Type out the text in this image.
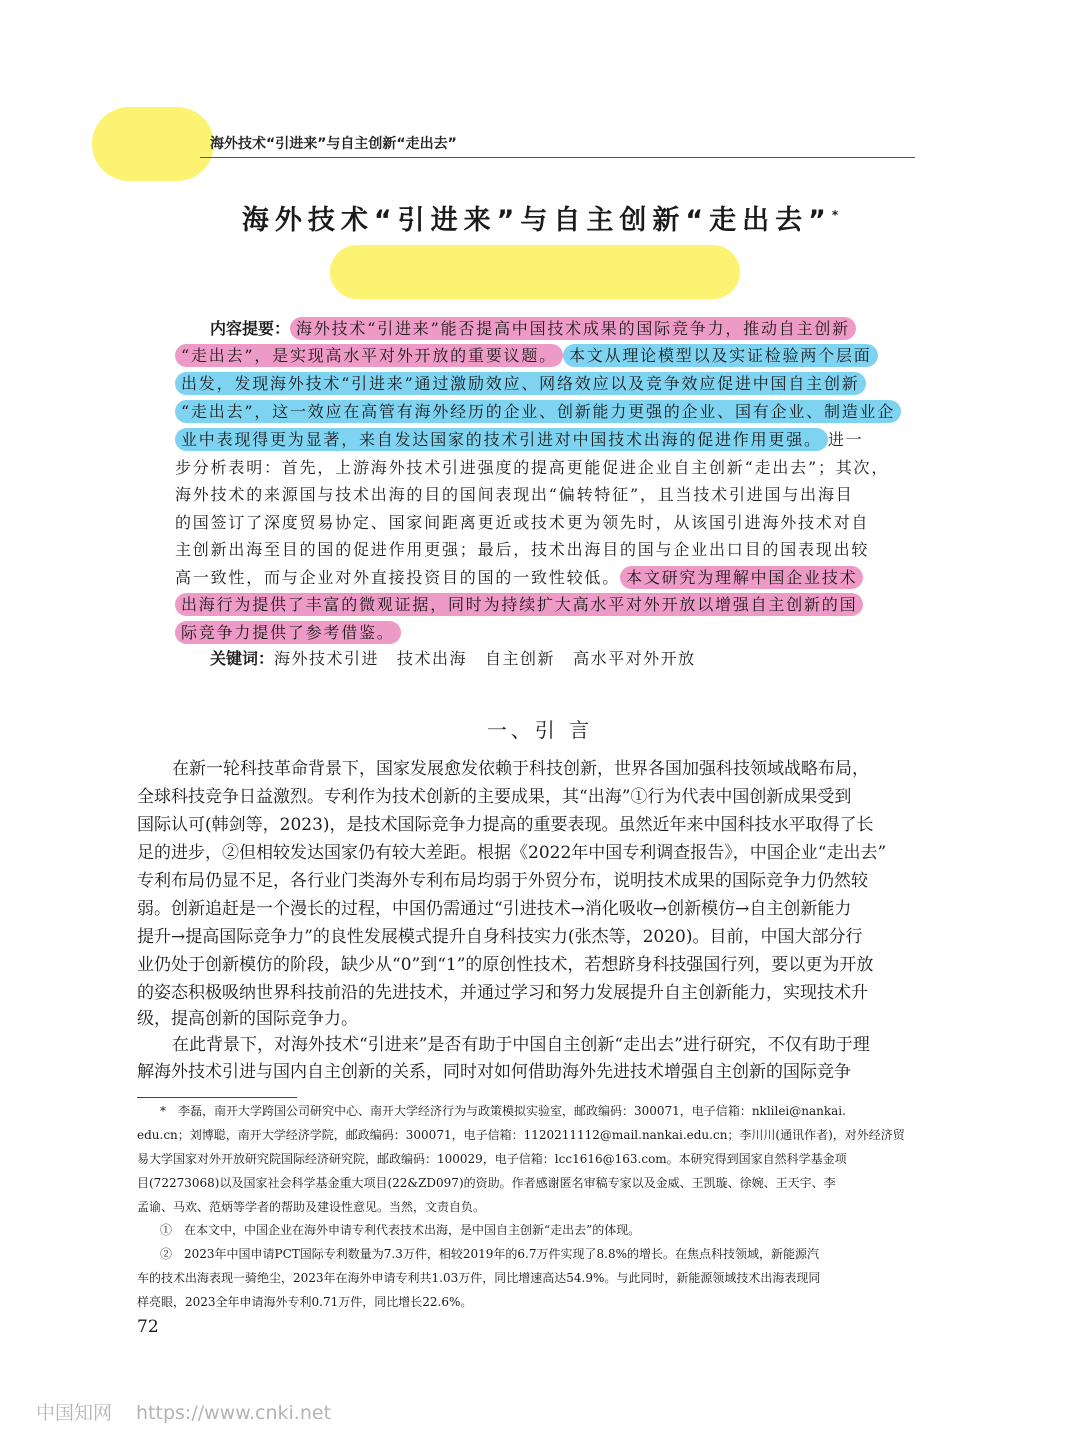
海外技术“引进来”与自主创新“走出去”
海外技术“引进来”与自主创新“走出去”*
内容提要： 海外技术“引进来”能否提高中国技术成果的国际竞争力，推动自主创新
“走出去”，是实现高水平对外开放的重要议题。 本文从理论模型以及实证检验两个层面
出发，发现海外技术“引进来”通过激励效应、网络效应以及竞争效应促进中国自主创新
“走出去”，这一效应在高管有海外经历的企业、创新能力更强的企业、国有企业、制造业企
业中表现得更为显著，来自发达国家的技术引进对中国技术出海的促进作用更强。 进一
步分析表明：首先，上游海外技术引进强度的提高更能促进企业自主创新“走出去”；其次，
海外技术的来源国与技术出海的目的国间表现出“偏转特征”，且当技术引进国与出海目
的国签订了深度贸易协定、国家间距离更近或技术更为领先时，从该国引进海外技术对自
主创新出海至目的国的促进作用更强；最后，技术出海目的国与企业出口目的国表现出较
高一致性，而与企业对外直接投资目的国的一致性较低。 本文研究为理解中国企业技术
出海行为提供了丰富的微观证据，同时为持续扩大高水平对外开放以增强自主创新的国
际竞争力提供了参考借鉴。
关键词：海外技术引进 技术出海 自主创新 高水平对外开放
一、引 言
在新一轮科技革命背景下，国家发展愈发依赖于科技创新，世界各国加强科技领域战略布局，
全球科技竞争日益激烈。专利作为技术创新的主要成果，其“出海”①行为代表中国创新成果受到
国际认可(韩剑等，2023)，是技术国际竞争力提高的重要表现。虽然近年来中国科技水平取得了长
足的进步，②但相较发达国家仍有较大差距。根据《2022年中国专利调查报告》，中国企业“走出去”
专利布局仍显不足，各行业门类海外专利布局均弱于外贸分布，说明技术成果的国际竞争力仍然较
弱。创新追赶是一个漫长的过程，中国仍需通过“引进技术→消化吸收→创新模仿→自主创新能力
提升→提高国际竞争力”的良性发展模式提升自身科技实力(张杰等，2020)。目前，中国大部分行
业仍处于创新模仿的阶段，缺少从“0”到“1”的原创性技术，若想跻身科技强国行列，要以更为开放
的姿态积极吸纳世界科技前沿的先进技术，并通过学习和努力发展提升自主创新能力，实现技术升
级，提高创新的国际竞争力。
在此背景下，对海外技术“引进来”是否有助于中国自主创新“走出去”进行研究，不仅有助于理
解海外技术引进与国内自主创新的关系，同时对如何借助海外先进技术增强自主创新的国际竞争
*　李磊，南开大学跨国公司研究中心、南开大学经济行为与政策模拟实验室，邮政编码：300071，电子信箱：nklilei@nankai.
edu.cn；刘博聪，南开大学经济学院，邮政编码：300071，电子信箱：1120211112@mail.nankai.edu.cn；李川川(通讯作者)，对外经济贸
易大学国家对外开放研究院国际经济研究院，邮政编码：100029，电子信箱：lcc1616@163.com。本研究得到国家自然科学基金项
目(72273068)以及国家社会科学基金重大项目(22&ZD097)的资助。作者感谢匿名审稿专家以及金威、王凯璇、徐婉、王天宇、李
孟谕、马欢、范炳等学者的帮助及建设性意见。当然，文责自负。
①　在本文中，中国企业在海外申请专利代表技术出海，是中国自主创新“走出去”的体现。
②　2023年中国申请PCT国际专利数量为7.3万件，相较2019年的6.7万件实现了8.8%的增长。在焦点科技领域，新能源汽
车的技术出海表现一骑绝尘，2023年在海外申请专利共1.03万件，同比增速高达54.9%。与此同时，新能源领域技术出海表现同
样亮眼，2023全年申请海外专利0.71万件，同比增长22.6%。
72
中国知网 https://www.cnki.net
